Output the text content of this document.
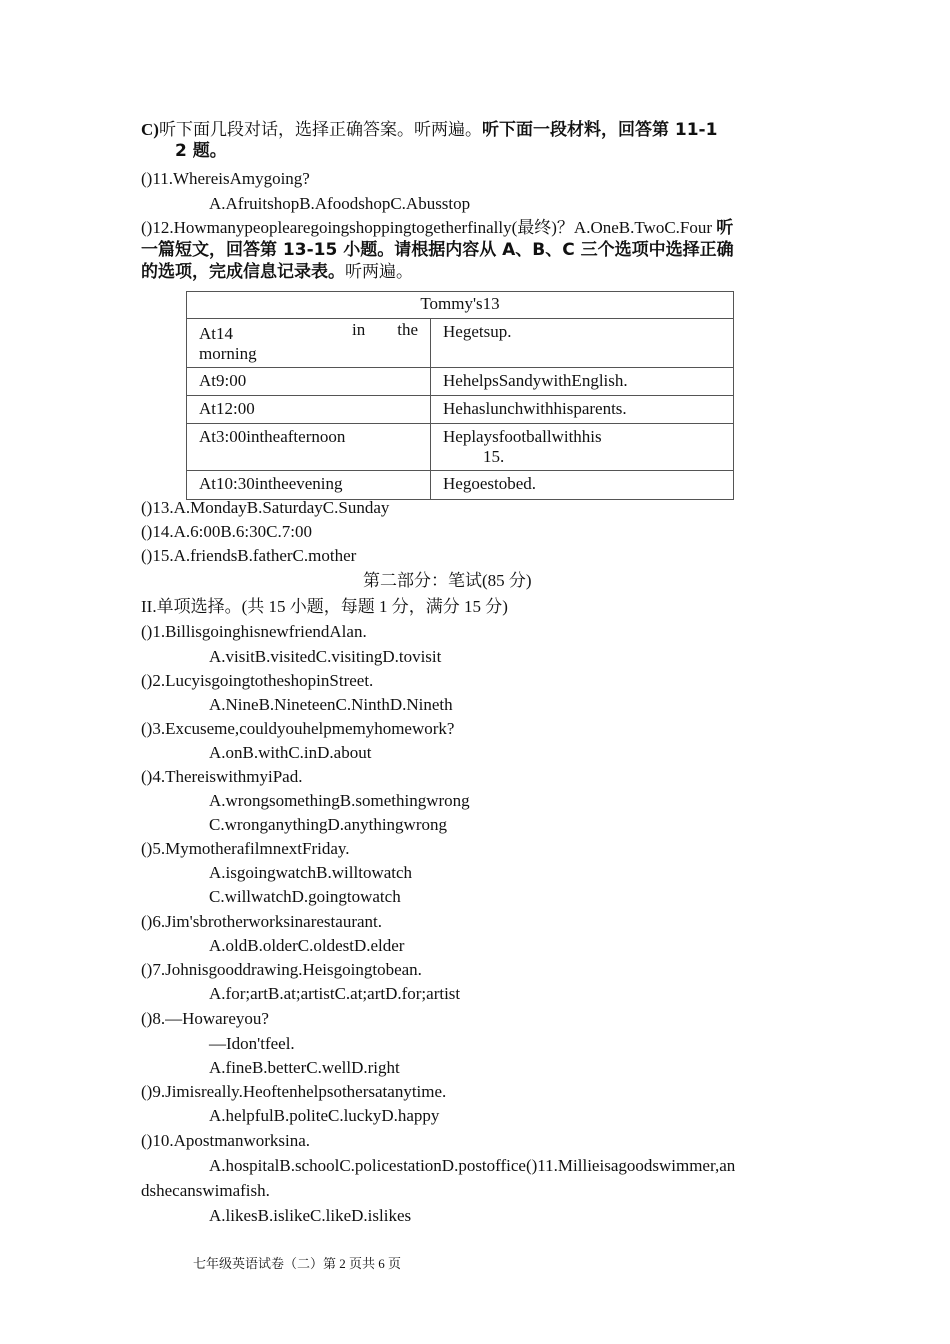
C)听下面几段对话，选择正确答案。听两遍。听下面一段材料，回答第 11-1
2 题。
()11.WhereisAmygoing?
A.AfruitshopB.AfoodshopC.Abusstop
()12.Howmanypeoplearegoingshoppingtogetherfinally(最终)？A.OneB.TwoC.Four 听
一篇短文，回答第 13-15 小题。请根据内容从 A、B、C 三个选项中选择正确
的选项，完成信息记录表。听两遍。
Tommy's13	

At14 in the
morning	Hegetsup.
At9:00	HehelpsSandywithEnglish.
At12:00	Hehaslunchwithhisparents.
At3:00intheafternoon	Heplaysfootballwithhis
15.

At10:30intheevening	Hegoestobed.
()13.A.MondayB.SaturdayC.Sunday
()14.A.6:00B.6:30C.7:00
()15.A.friendsB.fatherC.mother
第二部分：笔试(85 分)
II.单项选择。(共 15 小题，每题 1 分，满分 15 分)
()1.BillisgoinghisnewfriendAlan.
A.visitB.visitedC.visitingD.tovisit
()2.LucyisgoingtotheshopinStreet.
A.NineB.NineteenC.NinthD.Nineth
()3.Excuseme,couldyouhelpmemyhomework?
A.onB.withC.inD.about
()4.ThereiswithmyiPad.
A.wrongsomethingB.somethingwrong
C.wronganythingD.anythingwrong
()5.MymotherafilmnextFriday.
A.isgoingwatchB.willtowatch
C.willwatchD.goingtowatch
()6.Jim'sbrotherworksinarestaurant.
A.oldB.olderC.oldestD.elder
()7.Johnisgooddrawing.Heisgoingtobean.
A.for;artB.at;artistC.at;artD.for;artist
()8.—Howareyou?
—Idon'tfeel.
A.fineB.betterC.wellD.right
()9.Jimisreally.Heoftenhelpsothersatanytime.
A.helpfulB.politeC.luckyD.happy
()10.Apostmanworksina.
A.hospitalB.schoolC.policestationD.postoffice()11.Millieisagoodswimmer,an
dshecanswimafish.
A.likesB.islikeC.likeD.islikes
七年级英语试卷（二）第 2 页共 6 页
